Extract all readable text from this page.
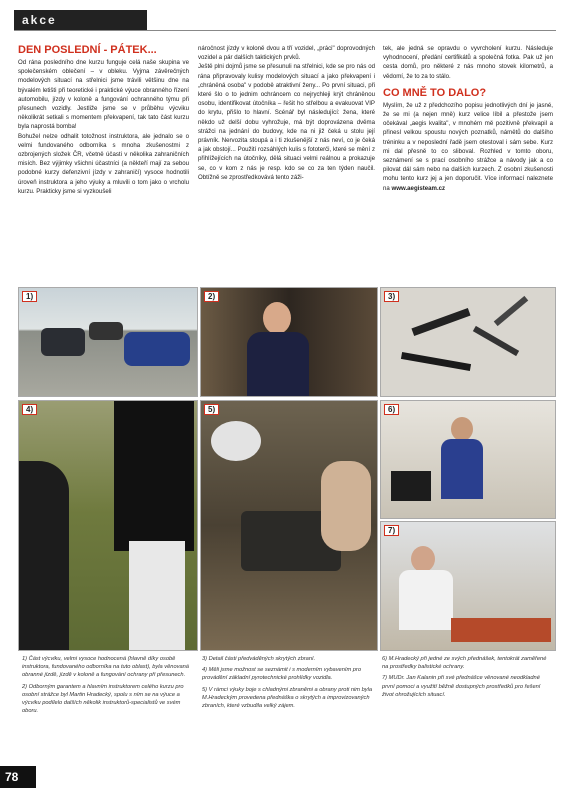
akce
DEN POSLEDNÍ - PÁTEK...

Od rána posledního dne kurzu funguje celá naše skupina ve společenském oblečení – v obleku. Vyjma závěrečných modelových situací na střelnici jsme trávili většinu dne na bývalém letišti při teoretické i praktické výuce obranného řízení automobilu, jízdy v koloně a fungování ochranného týmu při přesunech vozidly. Jestliže jsme se v průběhu výcviku několikrát setkali s momentem překvapení, tak tato část kurzu byla naprostá bomba!

Bohužel nelze odhalit totožnost instruktora, ale jednalo se o velmi fundovaného odborníka s mnoha zkušenostmi z ozbrojených složek ČR, včetně účasti v několika zahraničních misích. Bez výjimky všichni účastníci (a někteří mají za sebou podobné kurzy defenzivní jízdy v zahraničí) vysoce hodnotili úroveň instruktora a jeho výuky a mluvili o tom jako o vrcholu kurzu. Prakticky jsme si vyzkoušeli

náročnost jízdy v koloně dvou a tří vozidel, „práci" doprovodných vozidel a pár dalších taktických prvků.

Ještě plni dojmů jsme se přesunuli na střelnici, kde se pro nás od rána připravovaly kulisy modelových situací a jako překvapení i „chráněná osoba" v podobě atraktivní ženy... Po první situaci, při které šlo o to jednim ochráncem co nejrychleji krýt chráněnou osobu, identifikovat útočníka – řešit ho střelbou a evakuovat VIP do krytu, přišlo to hlavní. Scénář byl následující: žena, které někdo už delší dobu vyhrožuje, má být doprovázena dvěma strážci na jednání do budovy, kde na ni již čeká u stolu její právník. Nervozita stoupá a i ti zkušenější z nás neví, co je čeká a jak obstojí... Použití rozsáhlých kulis s fototerči, které se mění z přihlížejících na útočníky, dělá situaci velmi reálnou a prokazuje se, co v kom z nás je resp. kdo se co za ten týden naučil. Obtížně se zprostředkovává tento záži-

tek, ale jedná se opravdu o vyvrcholení kurzu. Následuje vyhodnocení, předání certifikátů a společná fotka. Pak už jen cesta domů, pro některé z nás mnoho stovek kilometrů, a vědomí, že to za to stálo.

CO MNĚ TO DALO?

Myslím, že už z předchozího popisu jednotlivých dní je jasné, že se mi (a nejen mně) kurz velice líbil a přestože jsem očekával „aegis kvalita", v mnohém mě pozitivně překvapil a přinesl velkou spoustu nových poznatků, námětů do dalšího tréninku a v neposlední řadě jsem otestoval i sám sebe. Kurz mi dal přesně to co sliboval. Rozhled v tomto oboru, seznámení se s prací osobního strážce a návody jak a co pilovat dál sám nebo na dalších kurzech. Z osobní zkušenosti mohu tento kurz jej a jen doporučit. Více informací naleznete na www.aegisteam.cz

1)	2)	3)
4)	5)	6)
7)

1) Část výcviku, velmi vysoce hodnocená (hlavně díky osobě instruktora, fundovaného odborníka na tuto oblast), byla věnovaná obranné jízdě, jízdě v koloně a fungování ochrany při přesunech.

2) Odborným garantem a hlavním instruktorem celého kurzu pro osobní strážce byl Martin Hradecký, spolu s ním se na výuce a výcviku podílelo dalších několik instruktorů-specialistů ve svém oboru.

3) Detail části předváděných skrytých zbraní.

4) Měli jsme možnost se seznámit i s moderním vybavením pro provádění základní pyrotechnické prohlídky vozidla.

5) V rámci výuky boje s chladnými zbraněmi a obrany proti nim byla M.Hradeckým provedena přednáška o skrytých a improvizovaných zbraních, které vzbudila velký zájem.

6) M.Hradecký při jedné ze svých přednášek, tentokrát zaměřené na prostředky balistické ochrany.

7) MUDr. Jan Kalanin při své přednášce věnované neodkladné první pomoci a využití běžně dostupných prostředků pro řešení život ohrožujících situací.

78
